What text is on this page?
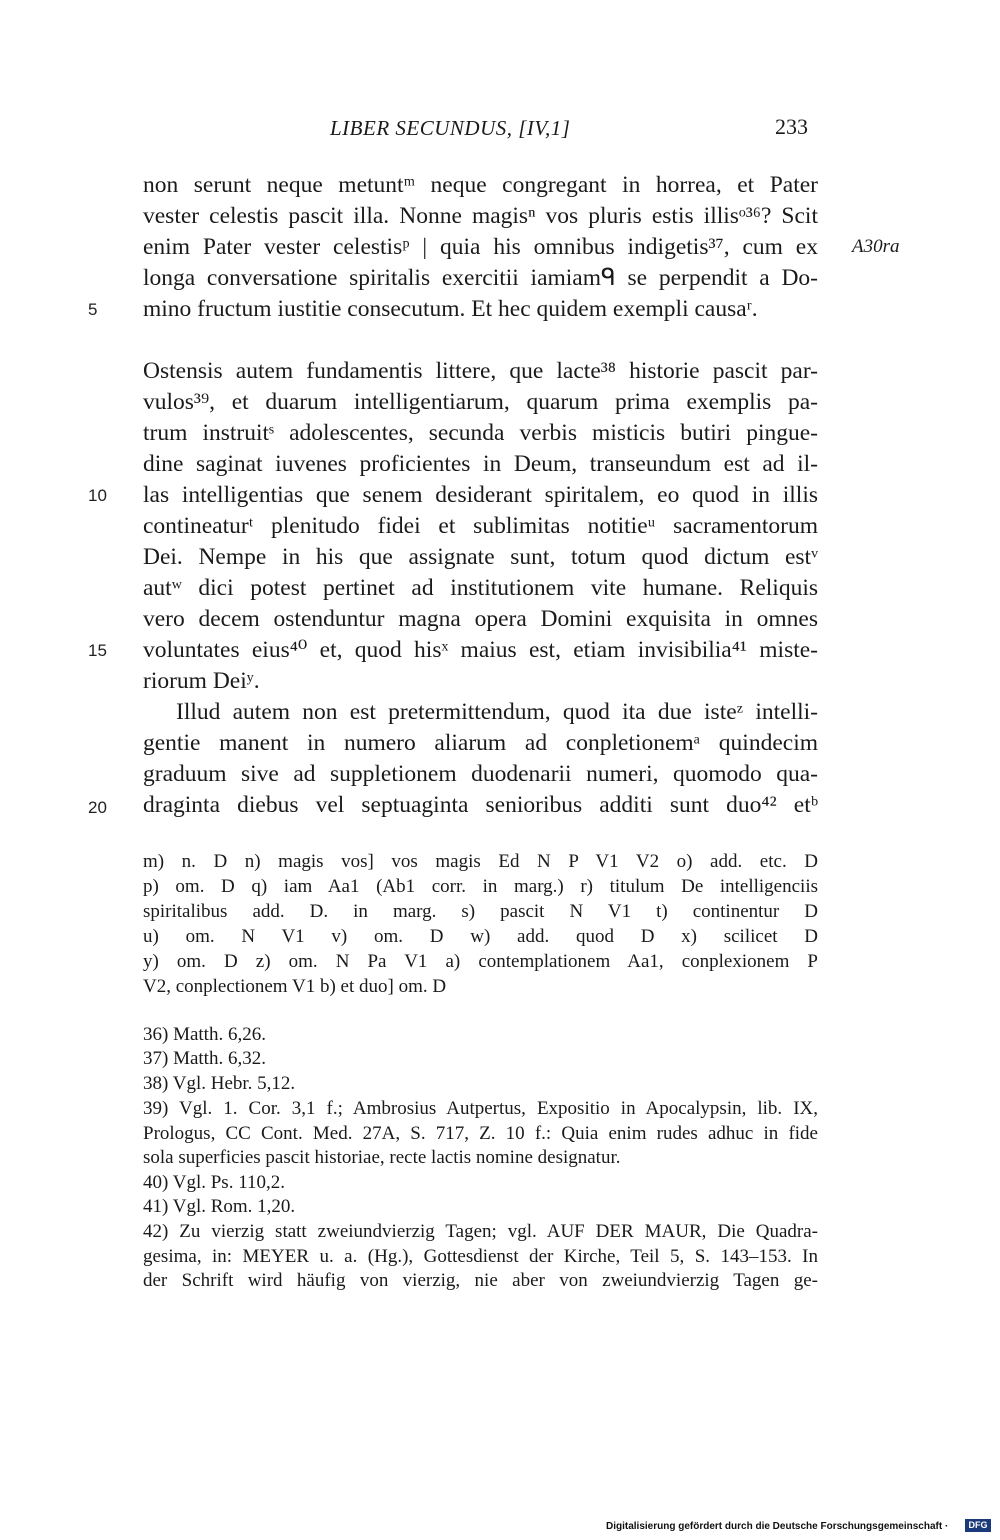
LIBER SECUNDUS, [IV,1]	233
non serunt neque metuntᵐ neque congregant in horrea, et Pater
vester celestis pascit illa. Nonne magisⁿ vos pluris estis illisᵒ³⁶? Scit
enim Pater vester celestisᵖ | quia his omnibus indigetis³⁷, cum ex
longa conversatione spiritalis exercitii iamiamᑫ se perpendit a Do-
mino fructum iustitie consecutum. Et hec quidem exempli causaʳ.
Ostensis autem fundamentis littere, que lacte³⁸ historie pascit par-
vulos³⁹, et duarum intelligentiarum, quarum prima exemplis pa-
trum instruitˢ adolescentes, secunda verbis misticis butiri pingue-
dine saginat iuvenes proficientes in Deum, transeundum est ad il-
las intelligentias que senem desiderant spiritalem, eo quod in illis
contineaturᵗ plenitudo fidei et sublimitas notitieᵘ sacramentorum
Dei. Nempe in his que assignate sunt, totum quod dictum estᵛ
autʷ dici potest pertinet ad institutionem vite humane. Reliquis
vero decem ostenduntur magna opera Domini exquisita in omnes
voluntates eius⁴⁰ et, quod hisˣ maius est, etiam invisibilia⁴¹ miste-
riorum Deiʸ.
Illud autem non est pretermittendum, quod ita due isteᶻ intelli-
gentie manent in numero aliarum ad conpletionemᵃ quindecim
graduum sive ad suppletionem duodenarii numeri, quomodo qua-
draginta diebus vel septuaginta senioribus additi sunt duo⁴² etᵇ
5
10
15
20
A30ra
m) n. D n) magis vos] vos magis Ed N P V1 V2 o) add. etc. D
p) om. D q) iam Aa1 (Ab1 corr. in marg.) r) titulum De intelligenciis
spiritalibus add. D. in marg. s) pascit N V1 t) continentur D
u) om. N V1 v) om. D w) add. quod D x) scilicet D
y) om. D z) om. N Pa V1 a) contemplationem Aa1, conplexionem P
V2, conplectionem V1 b) et duo] om. D
36) Matth. 6,26.
37) Matth. 6,32.
38) Vgl. Hebr. 5,12.
39) Vgl. 1. Cor. 3,1 f.; Ambrosius Autpertus, Expositio in Apocalypsin, lib. IX,
Prologus, CC Cont. Med. 27A, S. 717, Z. 10 f.: Quia enim rudes adhuc in fide
sola superficies pascit historiae, recte lactis nomine designatur.
40) Vgl. Ps. 110,2.
41) Vgl. Rom. 1,20.
42) Zu vierzig statt zweiundvierzig Tagen; vgl. AUF DER MAUR, Die Quadra-
gesima, in: MEYER u. a. (Hg.), Gottesdienst der Kirche, Teil 5, S. 143–153. In
der Schrift wird häufig von vierzig, nie aber von zweiundvierzig Tagen ge-
Digitalisierung gefördert durch die Deutsche Forschungsgemeinschaft ·	DFG
